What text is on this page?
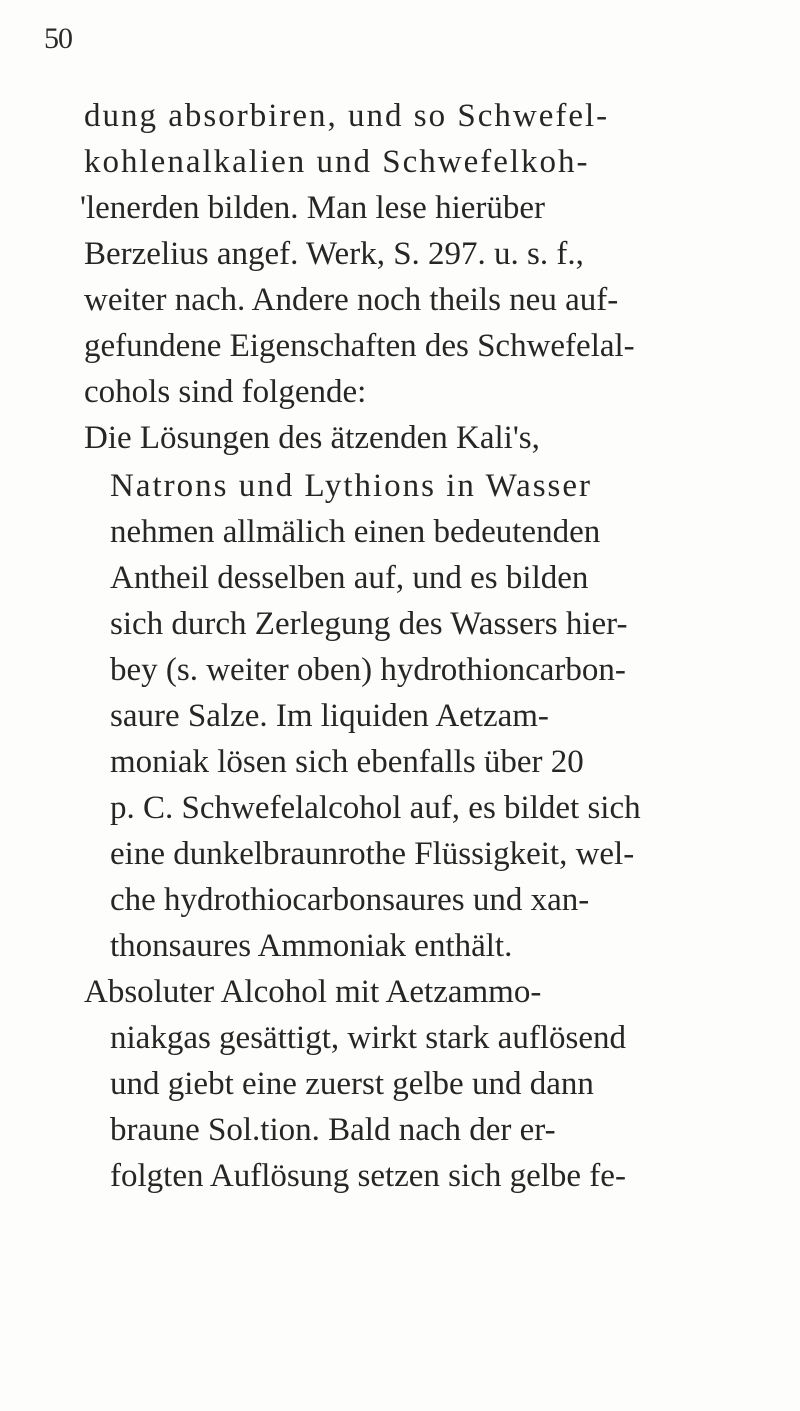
50
dung absorbiren, und so Schwefel-
kohlenalkalien und Schwefelkoh-
'lenerden bilden. Man lese hierüber
Berzelius angef. Werk, S. 297. u. s. f.,
weiter nach. Andere noch theils neu auf-
gefundene Eigenschaften des Schwefelal-
cohols sind folgende:
Die Lösungen des ätzenden Kali's,
Natrons und Lythions in Wasser
nehmen allmälich einen bedeutenden
Antheil desselben auf, und es bilden
sich durch Zerlegung des Wassers hier-
bey (s. weiter oben) hydrothioncarbon-
saure Salze. Im liquiden Aetzam-
moniak lösen sich ebenfalls über 20
p. C. Schwefelalcohol auf, es bildet sich
eine dunkelbraunrothe Flüssigkeit, wel-
che hydrothiocarbonsaures und xan-
thonsaures Ammoniak enthält.
Absoluter Alcohol mit Aetzammo-
niakgas gesättigt, wirkt stark auflösend
und giebt eine zuerst gelbe und dann
braune Sol.tion. Bald nach der er-
folgten Auflösung setzen sich gelbe fe-
